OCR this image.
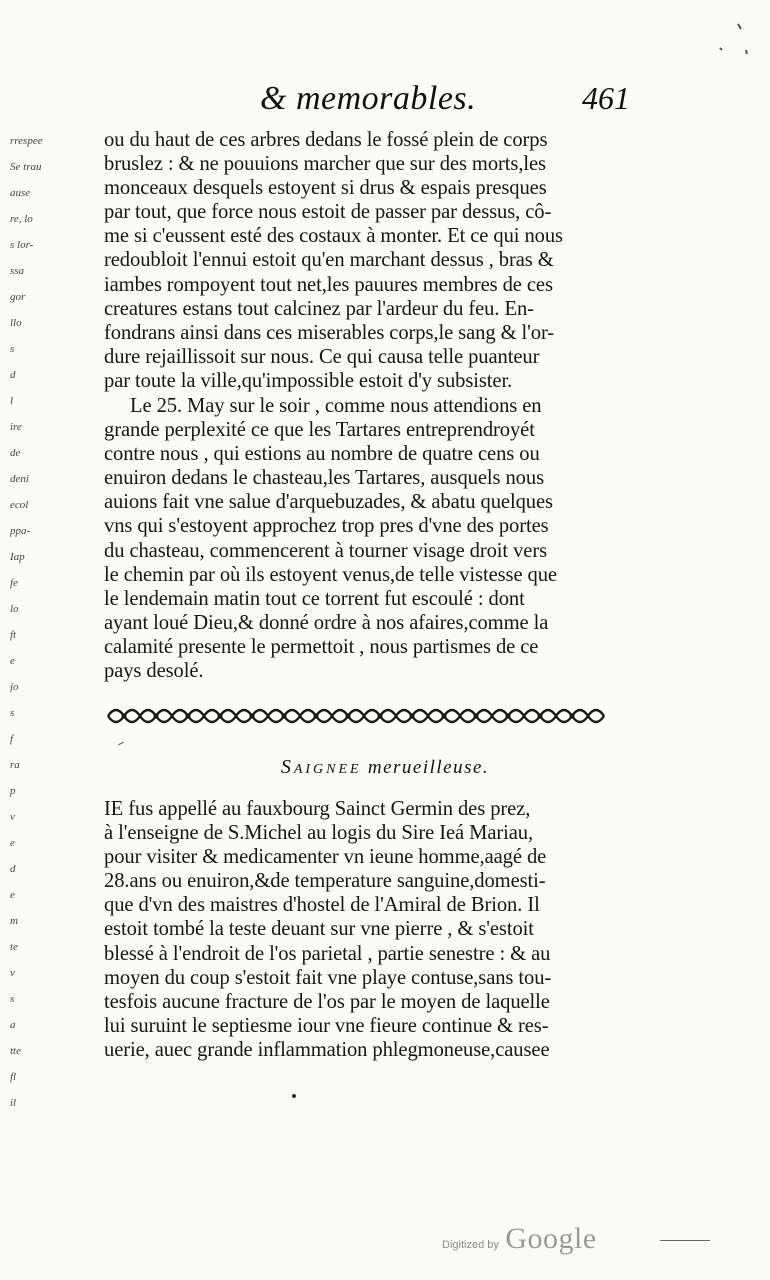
rrespee
Se trau
ause
re, lo
s lor-
ssa
gor
llo
s
d
l
ire
de
deni
ecol
ppa-
Iap
fe
lo
ft
e
jo
s
f
ra
p
v
e
d
e
m
te
v
s
a
tte
fl
il
& memorables.	461
ou du haut de ces arbres dedans le fossé plein de corps
bruslez : & ne pouuions marcher que sur des morts,les
monceaux desquels estoyent si drus & espais presques
par tout, que force nous estoit de passer par dessus, cô-
me si c'eussent esté des costaux à monter. Et ce qui nous
redoubloit l'ennui estoit qu'en marchant dessus , bras &
iambes rompoyent tout net,les pauures membres de ces
creatures estans tout calcinez par l'ardeur du feu. En-
fondrans ainsi dans ces miserables corps,le sang & l'or-
dure rejaillissoit sur nous. Ce qui causa telle puanteur
par toute la ville,qu'impossible estoit d'y subsister.
Le 25. May sur le soir , comme nous attendions en
grande perplexité ce que les Tartares entreprendroyét
contre nous , qui estions au nombre de quatre cens ou
enuiron dedans le chasteau,les Tartares, ausquels nous
auions fait vne salue d'arquebuzades, & abatu quelques
vns qui s'estoyent approchez trop pres d'vne des portes
du chasteau, commencerent à tourner visage droit vers
le chemin par où ils estoyent venus,de telle vistesse que
le lendemain matin tout ce torrent fut escoulé : dont
ayant loué Dieu,& donné ordre à nos afaires,comme la
calamité presente le permettoit , nous partismes de ce
pays desolé.
Saignee merueilleuse.
IE fus appellé au fauxbourg Sainct Germin des prez,
à l'enseigne de S.Michel au logis du Sire Ieá Mariau,
pour visiter & medicamenter vn ieune homme,aagé de
28.ans ou enuiron,&de temperature sanguine,domesti-
que d'vn des maistres d'hostel de l'Amiral de Brion. Il
estoit tombé la teste deuant sur vne pierre , & s'estoit
blessé à l'endroit de l'os parietal , partie senestre : & au
moyen du coup s'estoit fait vne playe contuse,sans tou-
tesfois aucune fracture de l'os par le moyen de laquelle
lui suruint le septiesme iour vne fieure continue & res-
uerie, auec grande inflammation phlegmoneuse,causee
Digitized by Google
